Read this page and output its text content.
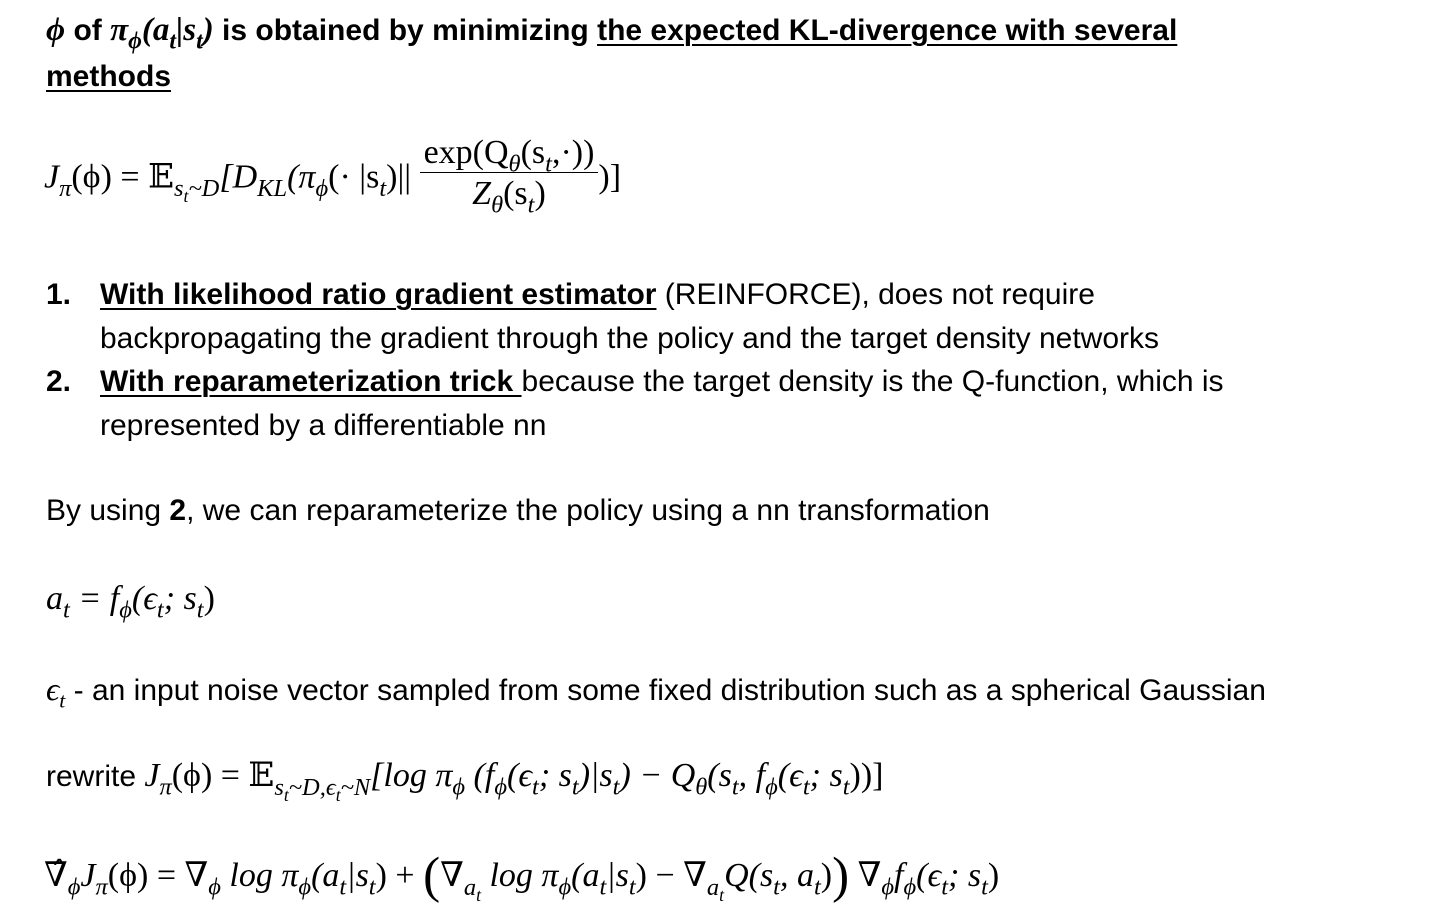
ϕ of $\pi_\phi(a_t|s_t)$ is obtained by minimizing the expected KL-divergence with several
methods
$J_\pi(\phi)$ = $𝔼_{s_t\sim D}[D_{KL}(\pi_\phi(\cdot |s_t)|| \frac{\exp(Q_\theta(s_t,\cdot))}{Z_\theta(s_t)}$ )]
1. With likelihood ratio gradient estimator (REINFORCE), does not require
backpropagating the gradient through the policy and the target density networks
2. With reparameterization trick because the target density is the Q-function, which is
represented by a differentiable nn
By using 2, we can reparameterize the policy using a nn transformation
$a_t = f_\phi(\epsilon_t$; $s_t$)
$\epsilon_t$ - an input noise vector sampled from some fixed distribution such as a spherical Gaussian
rewrite $J_\pi(\phi)$ = 𝔼$_{s_t\sim D,\epsilon_t\sim N}$[log $\pi_\phi$ ($f_\phi(\epsilon_t$; $s_t)|s_t) - Q_\theta(s_t$, $f_\phi(\epsilon_t$; $s_t$))]
$\nablâ_\phi J_\pi(\phi) = \nabla_\phi$ $\log \pi_\phi(a_t|s_t) + (\nabla_{a_t}$ $\log \pi_\phi(a_t|s_t) - \nabla_{a_t}Q(s_t$, $a_t$)) $\nabla_\phi f_\phi(\epsilon_t$; $s_t$)
